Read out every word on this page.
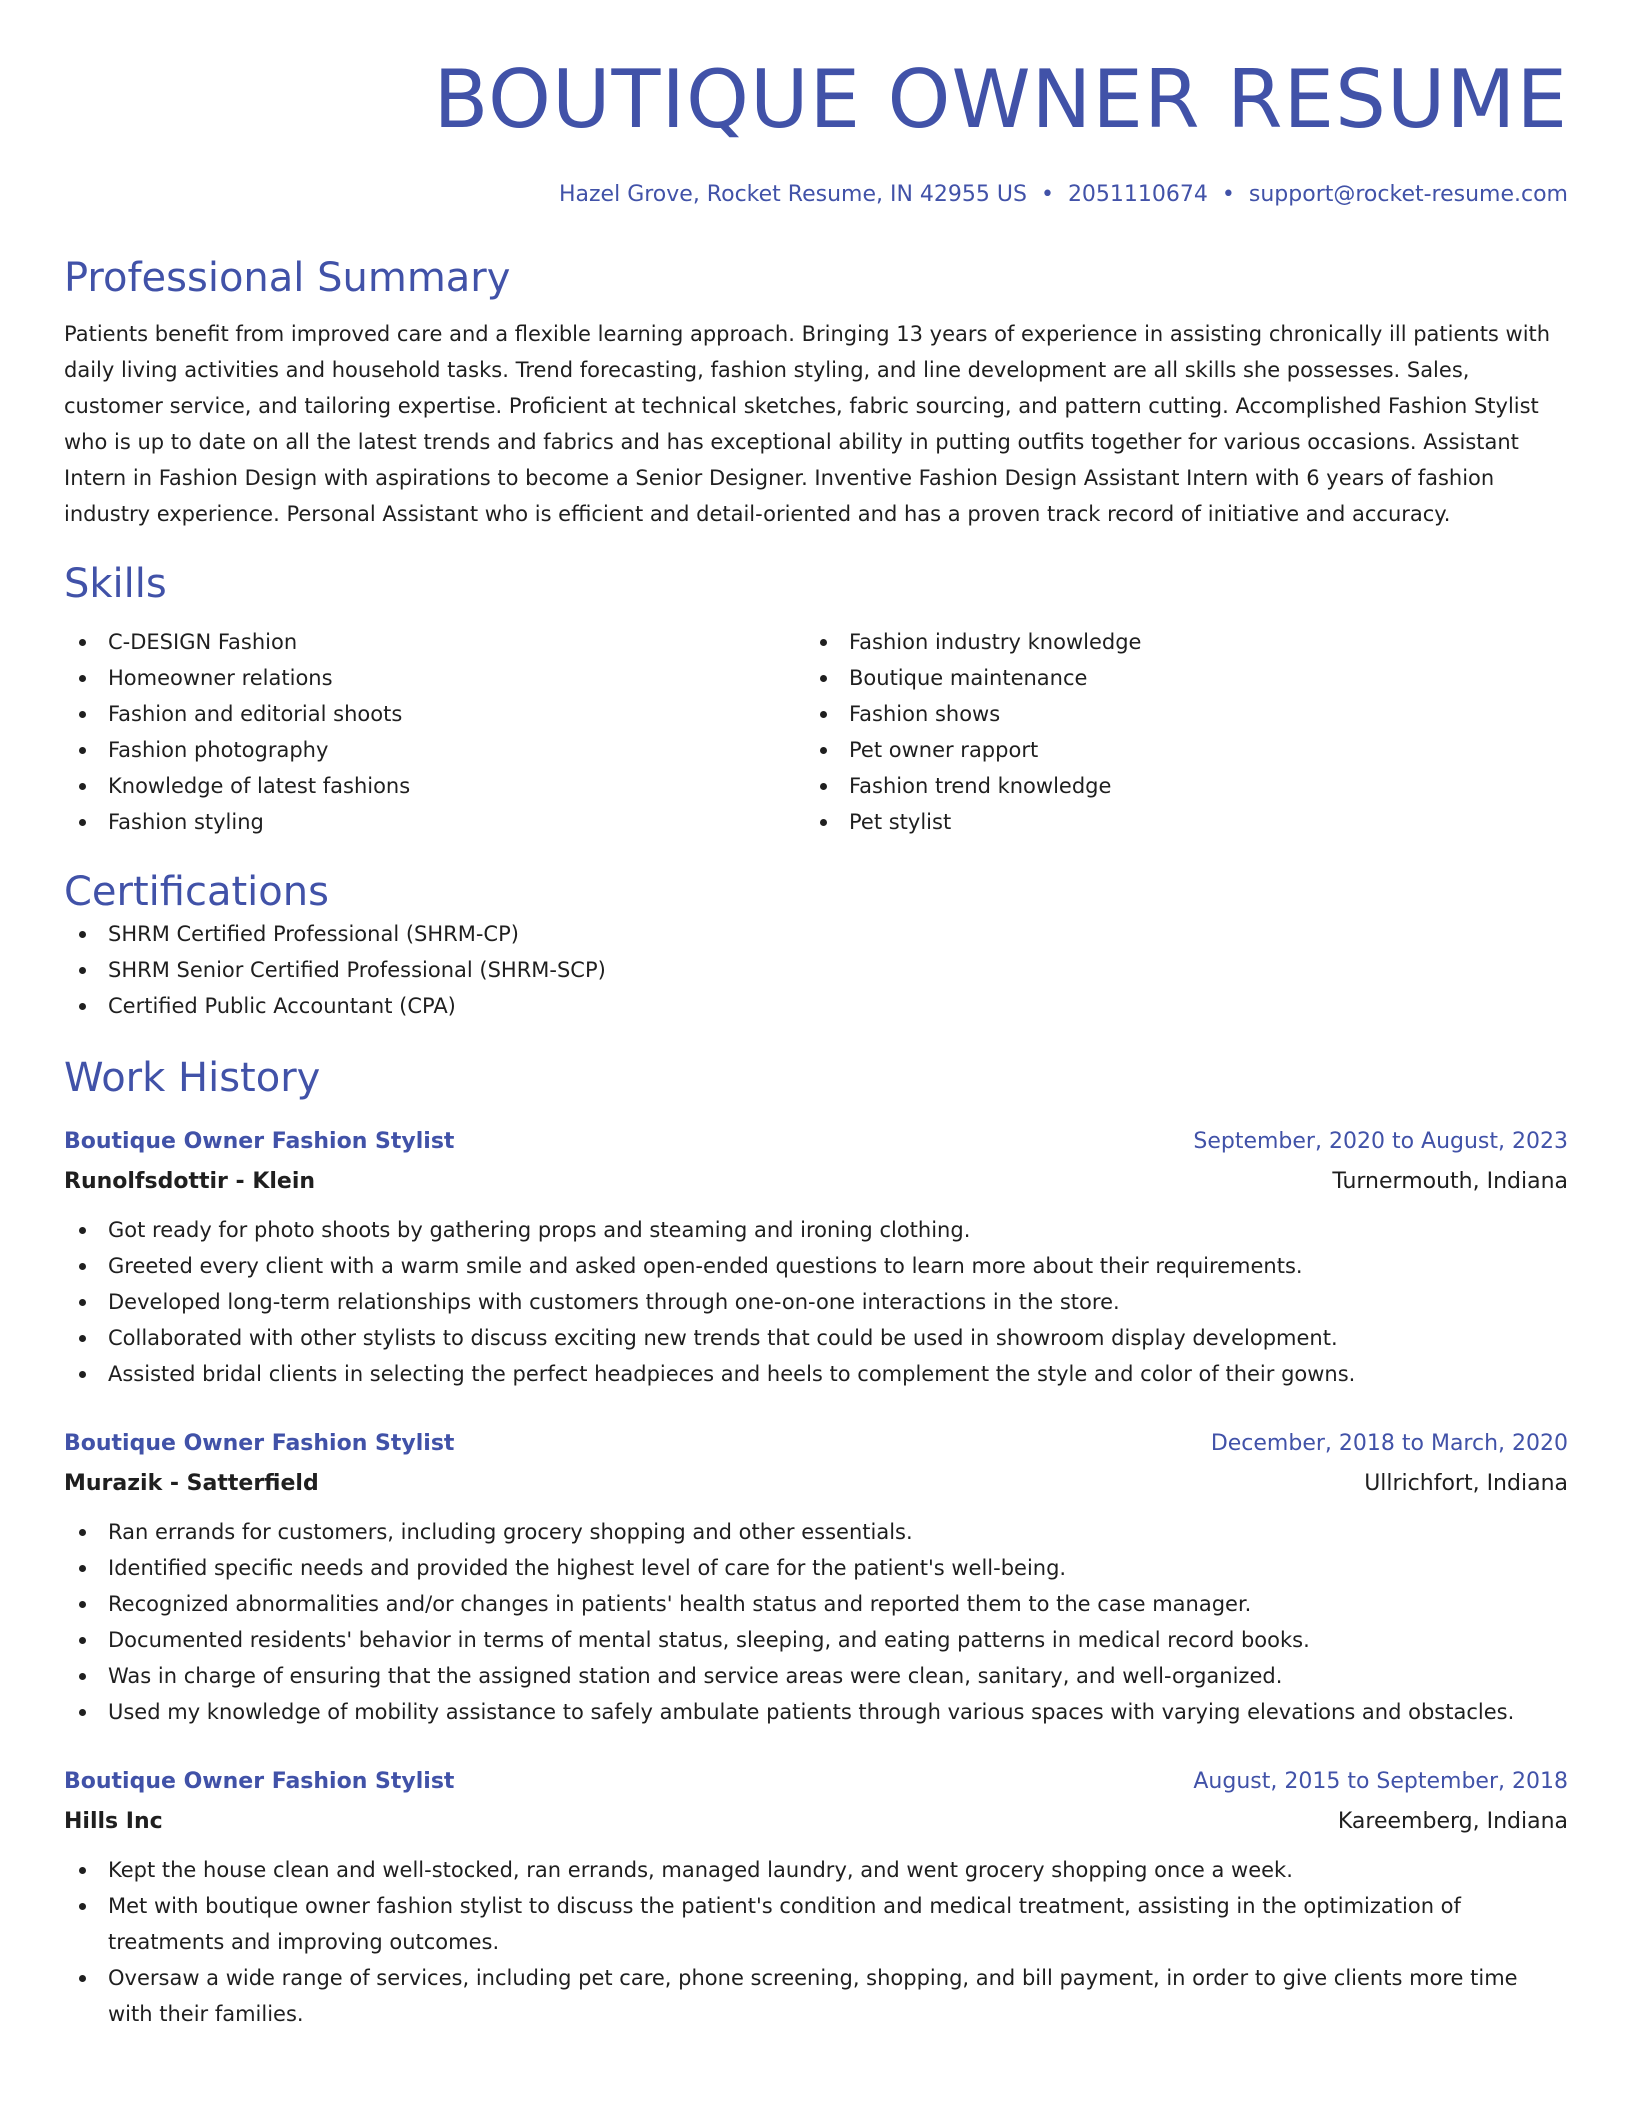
BOUTIQUE OWNER RESUME
Hazel Grove, Rocket Resume, IN 42955 US • 2051110674 • support@rocket-resume.com
Professional Summary
Patients benefit from improved care and a flexible learning approach. Bringing 13 years of experience in assisting chronically ill patients with daily living activities and household tasks. Trend forecasting, fashion styling, and line development are all skills she possesses. Sales, customer service, and tailoring expertise. Proficient at technical sketches, fabric sourcing, and pattern cutting. Accomplished Fashion Stylist who is up to date on all the latest trends and fabrics and has exceptional ability in putting outfits together for various occasions. Assistant Intern in Fashion Design with aspirations to become a Senior Designer. Inventive Fashion Design Assistant Intern with 6 years of fashion industry experience. Personal Assistant who is efficient and detail-oriented and has a proven track record of initiative and accuracy.
Skills
C-DESIGN Fashion
Homeowner relations
Fashion and editorial shoots
Fashion photography
Knowledge of latest fashions
Fashion styling
Fashion industry knowledge
Boutique maintenance
Fashion shows
Pet owner rapport
Fashion trend knowledge
Pet stylist
Certifications
SHRM Certified Professional (SHRM-CP)
SHRM Senior Certified Professional (SHRM-SCP)
Certified Public Accountant (CPA)
Work History
Boutique Owner Fashion Stylist	September, 2020 to August, 2023
Runolfsdottir - Klein	Turnermouth, Indiana
Got ready for photo shoots by gathering props and steaming and ironing clothing.
Greeted every client with a warm smile and asked open-ended questions to learn more about their requirements.
Developed long-term relationships with customers through one-on-one interactions in the store.
Collaborated with other stylists to discuss exciting new trends that could be used in showroom display development.
Assisted bridal clients in selecting the perfect headpieces and heels to complement the style and color of their gowns.
Boutique Owner Fashion Stylist	December, 2018 to March, 2020
Murazik - Satterfield	Ullrichfort, Indiana
Ran errands for customers, including grocery shopping and other essentials.
Identified specific needs and provided the highest level of care for the patient's well-being.
Recognized abnormalities and/or changes in patients' health status and reported them to the case manager.
Documented residents' behavior in terms of mental status, sleeping, and eating patterns in medical record books.
Was in charge of ensuring that the assigned station and service areas were clean, sanitary, and well-organized.
Used my knowledge of mobility assistance to safely ambulate patients through various spaces with varying elevations and obstacles.
Boutique Owner Fashion Stylist	August, 2015 to September, 2018
Hills Inc	Kareemberg, Indiana
Kept the house clean and well-stocked, ran errands, managed laundry, and went grocery shopping once a week.
Met with boutique owner fashion stylist to discuss the patient's condition and medical treatment, assisting in the optimization of treatments and improving outcomes.
Oversaw a wide range of services, including pet care, phone screening, shopping, and bill payment, in order to give clients more time with their families.
